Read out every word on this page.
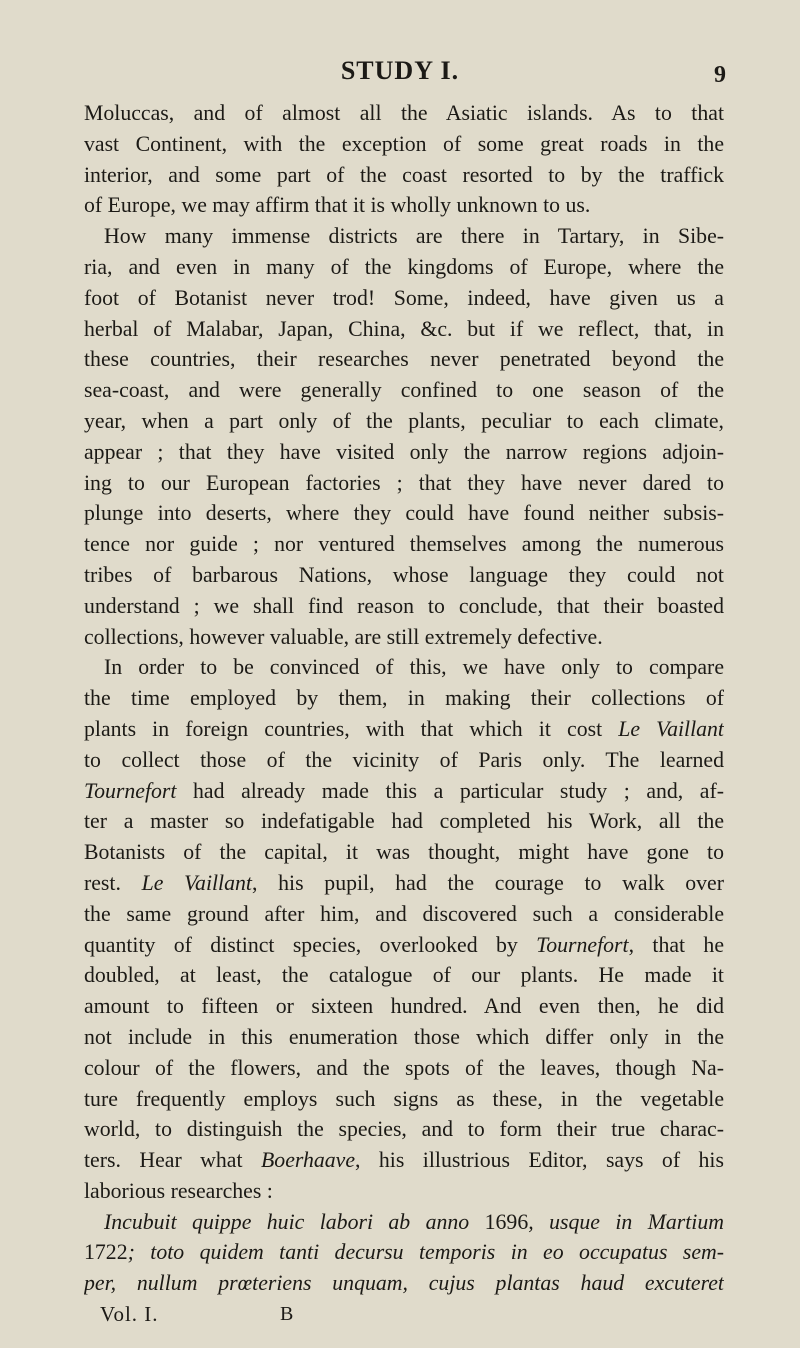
STUDY I.	9
Moluccas, and of almost all the Asiatic islands. As to that
vast Continent, with the exception of some great roads in the
interior, and some part of the coast resorted to by the traffick
of Europe, we may affirm that it is wholly unknown to us.
How many immense districts are there in Tartary, in Sibe-
ria, and even in many of the kingdoms of Europe, where the
foot of Botanist never trod! Some, indeed, have given us a
herbal of Malabar, Japan, China, &c. but if we reflect, that, in
these countries, their researches never penetrated beyond the
sea-coast, and were generally confined to one season of the
year, when a part only of the plants, peculiar to each climate,
appear ; that they have visited only the narrow regions adjoin-
ing to our European factories ; that they have never dared to
plunge into deserts, where they could have found neither subsis-
tence nor guide ; nor ventured themselves among the numerous
tribes of barbarous Nations, whose language they could not
understand ; we shall find reason to conclude, that their boasted
collections, however valuable, are still extremely defective.
In order to be convinced of this, we have only to compare
the time employed by them, in making their collections of
plants in foreign countries, with that which it cost Le Vaillant
to collect those of the vicinity of Paris only. The learned
Tournefort had already made this a particular study ; and, af-
ter a master so indefatigable had completed his Work, all the
Botanists of the capital, it was thought, might have gone to
rest. Le Vaillant, his pupil, had the courage to walk over
the same ground after him, and discovered such a considerable
quantity of distinct species, overlooked by Tournefort, that he
doubled, at least, the catalogue of our plants. He made it
amount to fifteen or sixteen hundred. And even then, he did
not include in this enumeration those which differ only in the
colour of the flowers, and the spots of the leaves, though Na-
ture frequently employs such signs as these, in the vegetable
world, to distinguish the species, and to form their true charac-
ters. Hear what Boerhaave, his illustrious Editor, says of his
laborious researches :
Incubuit quippe huic labori ab anno 1696, usque in Martium
1722; toto quidem tanti decursu temporis in eo occupatus sem-
per, nullum prœteriens unquam, cujus plantas haud excuteret
Vol. I.	B
